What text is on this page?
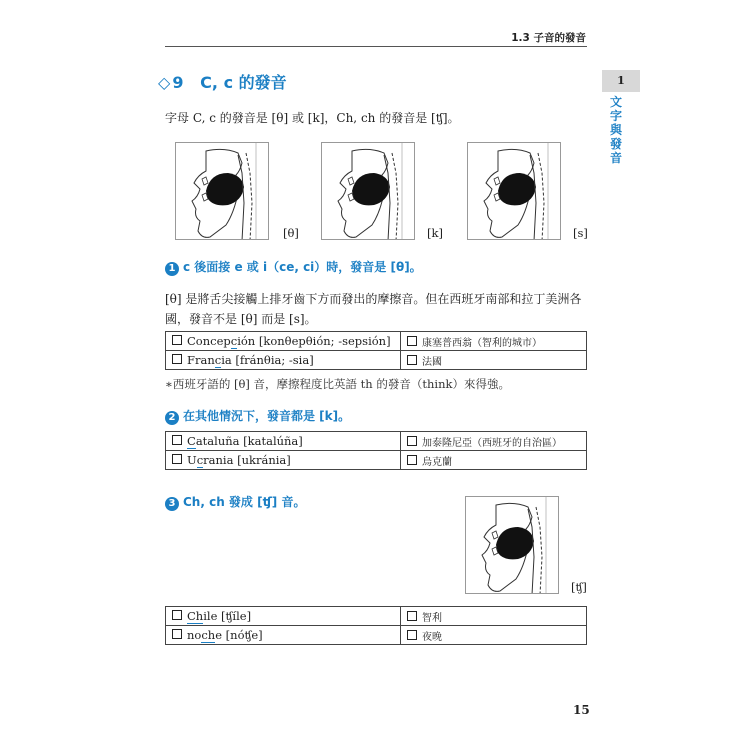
1.3 子音的發音
1
文字與發音
◇ 9 C, c 的發音
字母 C, c 的發音是 [θ] 或 [k]，Ch, ch 的發音是 [ʧ]。
[θ]	[k]	[s]
1 c 後面接 e 或 i（ce, ci）時，發音是 [θ]。
[θ] 是將舌尖接觸上排牙齒下方而發出的摩擦音。但在西班牙南部和拉丁美洲各國，發音不是 [θ] 而是 [s]。
Concepción [konθepθión; -sepsión]	康塞普西翁（智利的城市）
Francia [fránθia; -sia]	法國
∗西班牙語的 [θ] 音，摩擦程度比英語 th 的發音（think）來得強。
2 在其他情況下，發音都是 [k]。
Cataluña [katalúña]	加泰隆尼亞（西班牙的自治區）
Ucrania [ukránia]	烏克蘭
3 Ch, ch 發成 [ʧ] 音。
[ʧ]
Chile [ʧíle]	智利
noche [nóʧe]	夜晚
15
